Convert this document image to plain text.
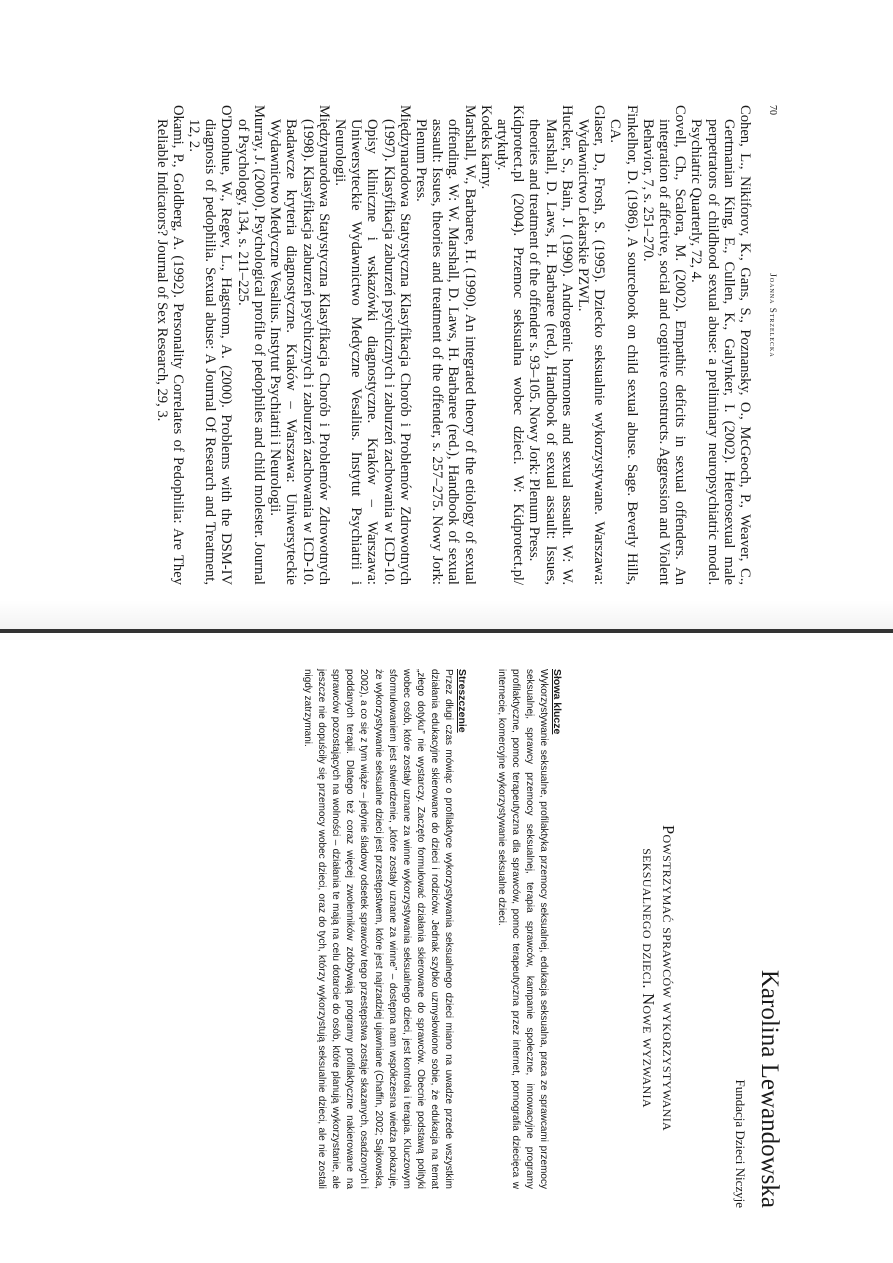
70
Joanna Strzelecka
Cohen, L., Nikiforov, K., Gans, S., Poznansky, O., McGeoch, P., Weaver, C., Gertmanian King, E., Cullen, K., Galynker, I. (2002). Heterosexual male perpetrators of childhood sexual abuse: a preliminary neuropsychiatric model. Psychiatric Quarterly, 72, 4.
Covell, Ch., Scalora, M. (2002). Empathic deficits in sexual offenders. An integration of affective, social and cognitive constructs. Aggression and Violent Behavior, 7, s. 251–270.
Finkelhor, D. (1986). A sourcebook on child sexual abuse. Sage. Beverly Hills, CA.
Glaser, D., Frosh, S. (1995). Dziecko seksualnie wykorzystywane. Warszawa: Wydawnictwo Lekarskie PZWL.
Hucker, S., Bain, J. (1990). Androgenic hormones and sexual assault. W: W. Marshall, D. Laws, H. Barbaree (red.), Handbook of sexual assault: Issues, theories and treatment of the offender s. 93–105. Nowy Jork: Plenum Press.
Kidprotect.pl (2004). Przemoc seksualna wobec dzieci. W: Kidprotect.pl/ artykuły.
Kodeks karny.
Marshall, W., Barbaree, H. (1990). An integrated theory of the etiology of sexual offending. W: W. Marshall, D. Laws, H. Barbaree (red.), Handbook of sexual assault: Issues, theories and treatment of the offender, s. 257–275. Nowy Jork: Plenum Press.
Międzynarodowa Statystyczna Klasyfikacja Chorób i Problemów Zdrowotnych (1997). Klasyfikacja zaburzeń psychicznych i zaburzeń zachowania w ICD-10. Opisy kliniczne i wskazówki diagnostyczne. Kraków – Warszawa: Uniwersyteckie Wydawnictwo Medyczne Vesalius. Instytut Psychiatrii i Neurologii.
Międzynarodowa Statystyczna Klasyfikacja Chorób i Problemów Zdrowotnych (1998). Klasyfikacja zaburzeń psychicznych i zaburzeń zachowania w ICD-10. Badawcze kryteria diagnostyczne. Kraków – Warszawa: Uniwersyteckie Wydawnictwo Medyczne Vesalius. Instytut Psychiatrii i Neurologii.
Murray, J. (2000). Psychological profile of pedophiles and child molester. Journal of Psychology, 134, s. 211–225.
O'Donohue, W., Regev, L., Hagstrom, A. (2000). Problems with the DSM-IV diagnosis of pedophilia. Sexual abuse: A Journal Of Research and Treatment, 12, 2.
Okami, P., Goldberg, A. (1992). Personality Correlates of Pedophilia: Are They Reliable Indicators? Journal of Sex Research, 29, 3.
Karolina Lewandowska
Fundacja Dzieci Niczyje
Powstrzymać sprawców wykorzystywania
seksualnego dzieci. Nowe wyzwania

Słowa klucze

Wykorzystywanie seksualne, profilaktyka przemocy seksualnej, edukacja seksualna, praca ze sprawcami przemocy seksualnej, sprawcy przemocy seksualnej, terapia sprawców, kampanie społeczne, innowacyjne programy profilaktyczne, pomoc terapeutyczna dla sprawców, pomoc terapeutyczna przez internet, pornografia dziecięca w internecie, komercyjne wykorzystywanie seksualne dzieci.

Streszczenie

Przez długi czas mówiąc o profilaktyce wykorzystywania seksualnego dzieci miano na uwadze przede wszystkim działania edukacyjne skierowane do dzieci i rodziców. Jednak szybko uzmysłowiono sobie, że edukacja na temat „złego dotyku” nie wystarczy. Zaczęto formułować działania skierowane do sprawców. Obecnie podstawą polityki wobec osób, które zostały uznane za winne wykorzystywania seksualnego dzieci, jest kontrola i terapia. Kluczowym sformułowaniem jest stwierdzenie, „które zostały uznane za winne” – dostępna nam współczesna wiedza pokazuje, że wykorzystywanie seksualne dzieci jest przestępstwem, które jest najrzadziej ujawniane (Chaffin, 2002; Sajkowska, 2002), a co się z tym wiąże – jedynie śladowy odsetek sprawców tego przestępstwa zostaje skazanych, osadzonych i poddanych terapii. Dlatego też coraz więcej zwolenników zdobywają programy profilaktyczne nakierowane na sprawców pozostających na wolności – działania te mają na celu dotarcie do osób, które planują wykorzystanie, ale jeszcze nie dopuściły się przemocy wobec dzieci, oraz do tych, którzy wykorzystują seksualnie dzieci, ale nie zostali nigdy zatrzymani.
